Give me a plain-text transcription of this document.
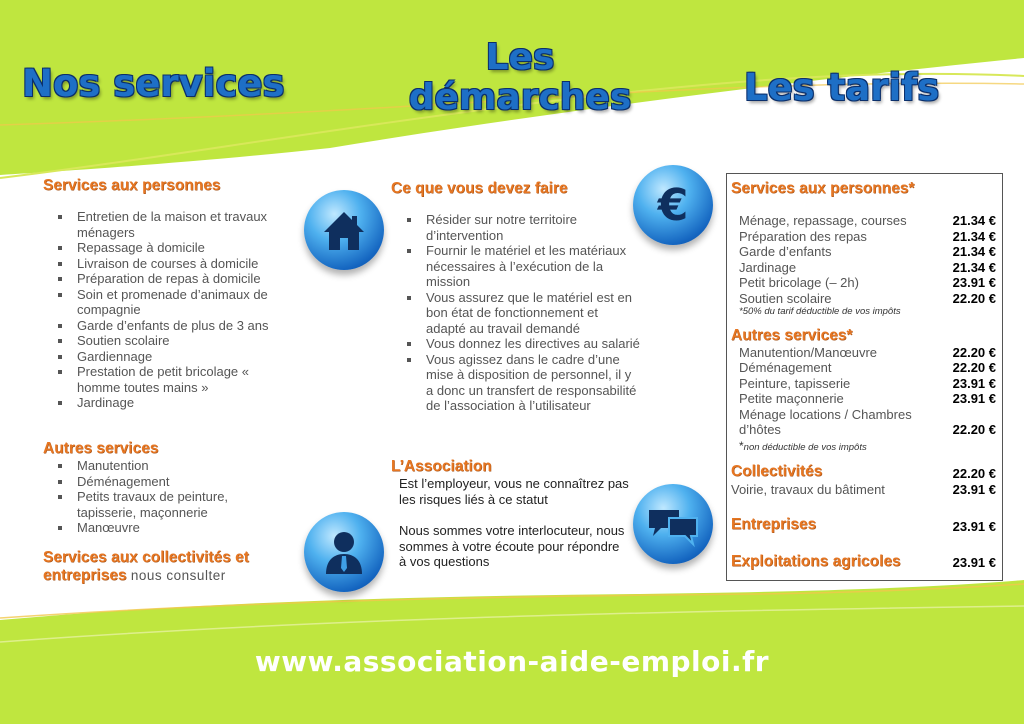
Nos services
Les
démarches	Les tarifs
Services aux personnes
Entretien de la maison et travaux ménagers
Repassage à domicile
Livraison de courses à domicile
Préparation de repas à domicile
Soin et promenade d’animaux de compagnie
Garde d’enfants de plus de 3 ans
Soutien scolaire
Gardiennage
Prestation de petit bricolage « homme toutes mains »
Jardinage
Autres services
Manutention
Déménagement
Petits travaux de peinture, tapisserie, maçonnerie
Manœuvre
Services aux collectivités et
entreprises nous consulter
€
Ce que vous devez faire
Résider sur notre territoire d’intervention
Fournir le matériel et les matériaux nécessaires à l’exécution de la mission
Vous assurez que le matériel est en bon état de fonctionnement et adapté au travail demandé
Vous donnez les directives au salarié
Vous agissez dans le cadre d’une mise à disposition de personnel, il y a donc un transfert de responsabilité de l’association à l’utilisateur
L’Association

Est l’employeur, vous ne connaîtrez pas les risques liés à ce statut

Nous sommes votre interlocuteur, nous sommes à votre écoute pour répondre à vos questions

Services aux personnes*
Ménage, repassage, courses	21.34 €
Préparation des repas	21.34 €
Garde d’enfants	21.34 €
Jardinage	21.34 €
Petit bricolage (– 2h)	23.91 €
Soutien scolaire	22.20 €
*50% du tarif déductible de vos impôts
Autres services*
Manutention/Manœuvre	22.20 €
Déménagement	22.20 €
Peinture, tapisserie	23.91 €
Petite maçonnerie	23.91 €
Ménage locations / Chambres
d’hôtes	22.20 €
*non déductible de vos impôts
Collectivités	22.20 €
Voirie, travaux du bâtiment	23.91 €
Entreprises	23.91 €
Exploitations agricoles	23.91 €
www.association-aide-emploi.fr
